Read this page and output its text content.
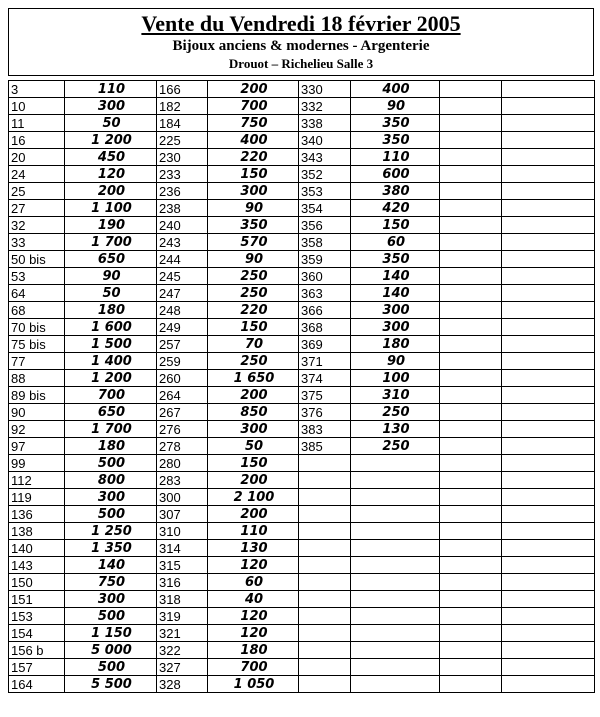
Vente du Vendredi 18 février 2005
Bijoux anciens & modernes - Argenterie
Drouot – Richelieu Salle 3
3	110	166	200	330	400		
10	300	182	700	332	90		
11	50	184	750	338	350		
16	1 200	225	400	340	350		
20	450	230	220	343	110		
24	120	233	150	352	600		
25	200	236	300	353	380		
27	1 100	238	90	354	420		
32	190	240	350	356	150		
33	1 700	243	570	358	60		
50 bis	650	244	90	359	350		
53	90	245	250	360	140		
64	50	247	250	363	140		
68	180	248	220	366	300		
70 bis	1 600	249	150	368	300		
75 bis	1 500	257	70	369	180		
77	1 400	259	250	371	90		
88	1 200	260	1 650	374	100		
89 bis	700	264	200	375	310		
90	650	267	850	376	250		
92	1 700	276	300	383	130		
97	180	278	50	385	250		
99	500	280	150				
112	800	283	200				
119	300	300	2 100				
136	500	307	200				
138	1 250	310	110				
140	1 350	314	130				
143	140	315	120				
150	750	316	60				
151	300	318	40				
153	500	319	120				
154	1 150	321	120				
156 b	5 000	322	180				
157	500	327	700				
164	5 500	328	1 050				
